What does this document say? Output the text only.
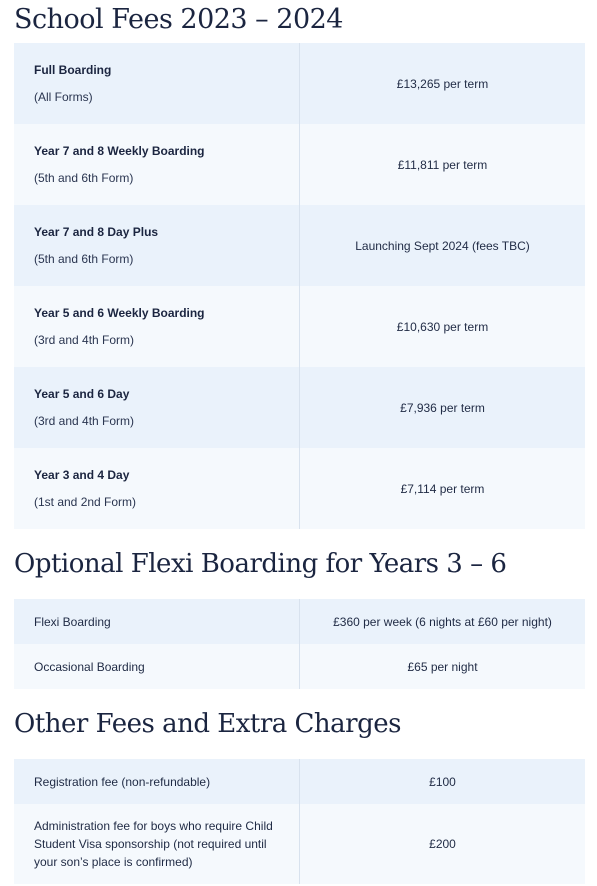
School Fees 2023 – 2024
Full Boarding
(All Forms)	£13,265 per term

Year 7 and 8 Weekly Boarding
(5th and 6th Form)	£11,811 per term

Year 7 and 8 Day Plus
(5th and 6th Form)	Launching Sept 2024 (fees TBC)

Year 5 and 6 Weekly Boarding
(3rd and 4th Form)	£10,630 per term

Year 5 and 6 Day
(3rd and 4th Form)	£7,936 per term

Year 3 and 4 Day
(1st and 2nd Form)	£7,114 per term
Optional Flexi Boarding for Years 3 – 6
Flexi Boarding	£360 per week (6 nights at £60 per night)
Occasional Boarding	£65 per night
Other Fees and Extra Charges
Registration fee (non-refundable)	£100
Administration fee for boys who require Child Student Visa sponsorship (not required until your son’s place is confirmed)	£200
